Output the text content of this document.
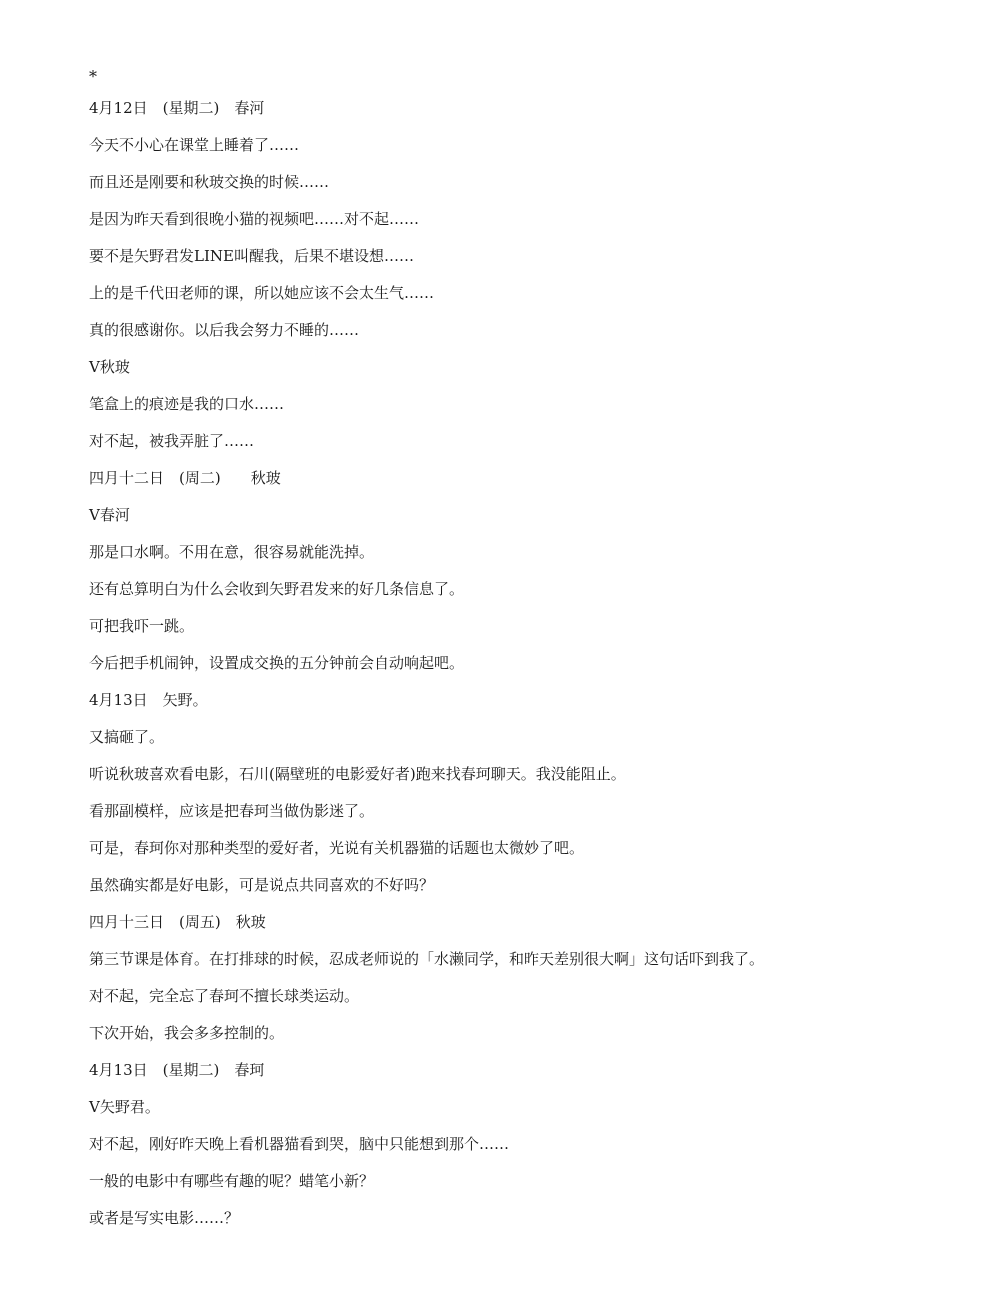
*

4月12日　(星期二)　春河

今天不小心在课堂上睡着了……

而且还是刚要和秋玻交换的时候……

是因为昨天看到很晚小猫的视频吧……对不起……

要不是矢野君发LINE叫醒我，后果不堪设想……

上的是千代田老师的课，所以她应该不会太生气……

真的很感谢你。以后我会努力不睡的……

V秋玻

笔盒上的痕迹是我的口水……

对不起，被我弄脏了……

四月十二日　(周二)　　秋玻

V春河

那是口水啊。不用在意，很容易就能洗掉。

还有总算明白为什么会收到矢野君发来的好几条信息了。

可把我吓一跳。

今后把手机闹钟，设置成交换的五分钟前会自动响起吧。

4月13日　矢野。

又搞砸了。

听说秋玻喜欢看电影，石川(隔壁班的电影爱好者)跑来找春珂聊天。我没能阻止。

看那副模样，应该是把春珂当做伪影迷了。

可是，春珂你对那种类型的爱好者，光说有关机器猫的话题也太微妙了吧。

虽然确实都是好电影，可是说点共同喜欢的不好吗？

四月十三日　(周五)　秋玻

第三节课是体育。在打排球的时候，忍成老师说的「水濑同学，和昨天差别很大啊」这句话吓到我了。

对不起，完全忘了春珂不擅长球类运动。

下次开始，我会多多控制的。

4月13日　(星期二)　春珂

V矢野君。

对不起，刚好昨天晚上看机器猫看到哭，脑中只能想到那个……

一般的电影中有哪些有趣的呢？蜡笔小新？

或者是写实电影……？
